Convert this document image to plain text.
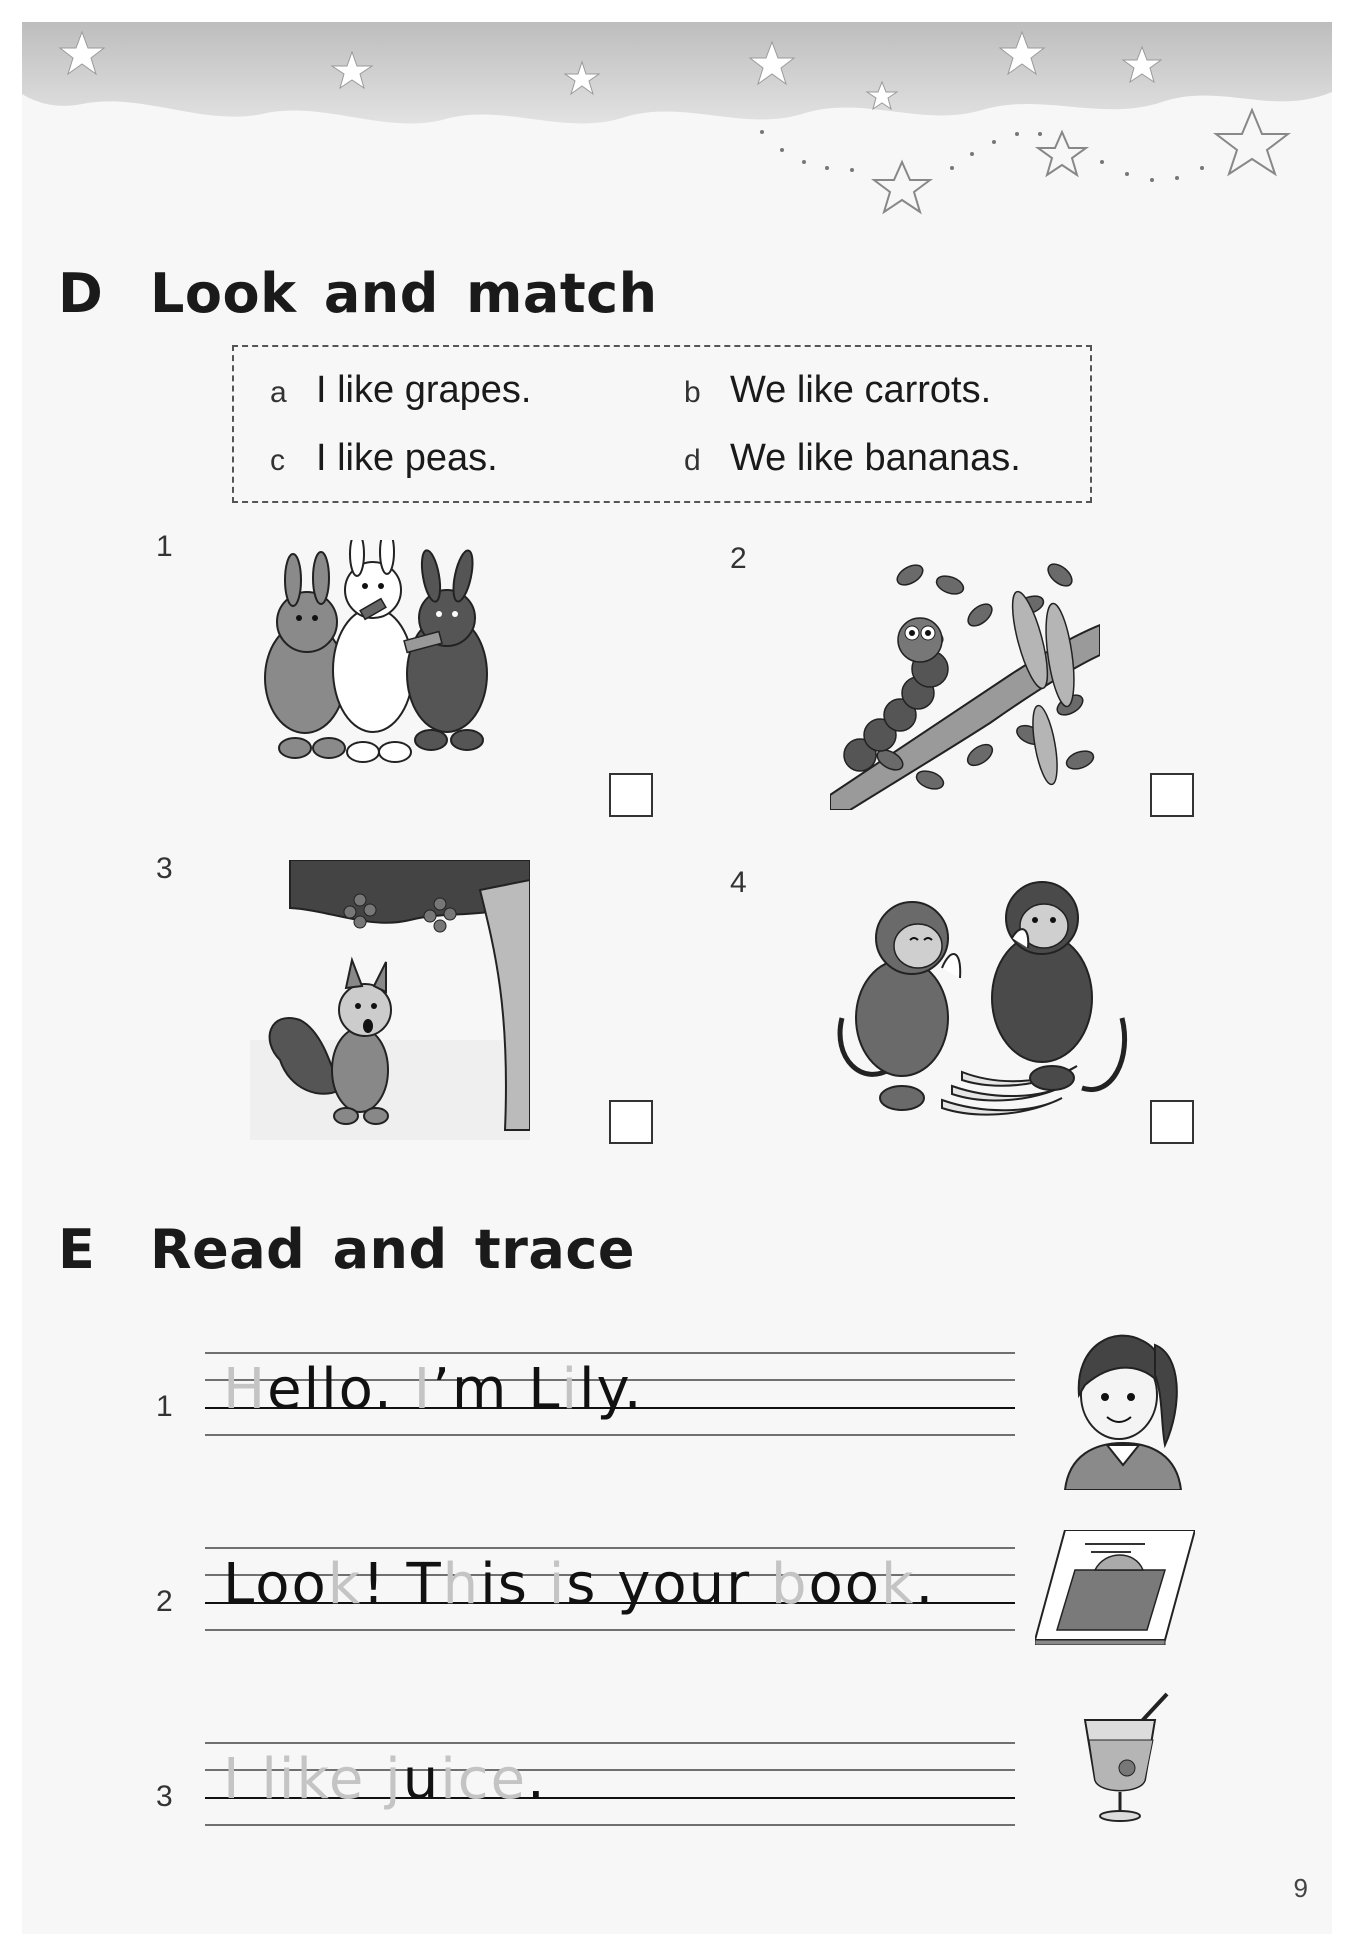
D Look and match
a I like grapes.	b We like carrots.
c I like peas.	d We like bananas.
1	2
3	4
E	Read and trace
1 Hello. I’m Lily.
2 Look! This is your book.
3 I like juice.
9
